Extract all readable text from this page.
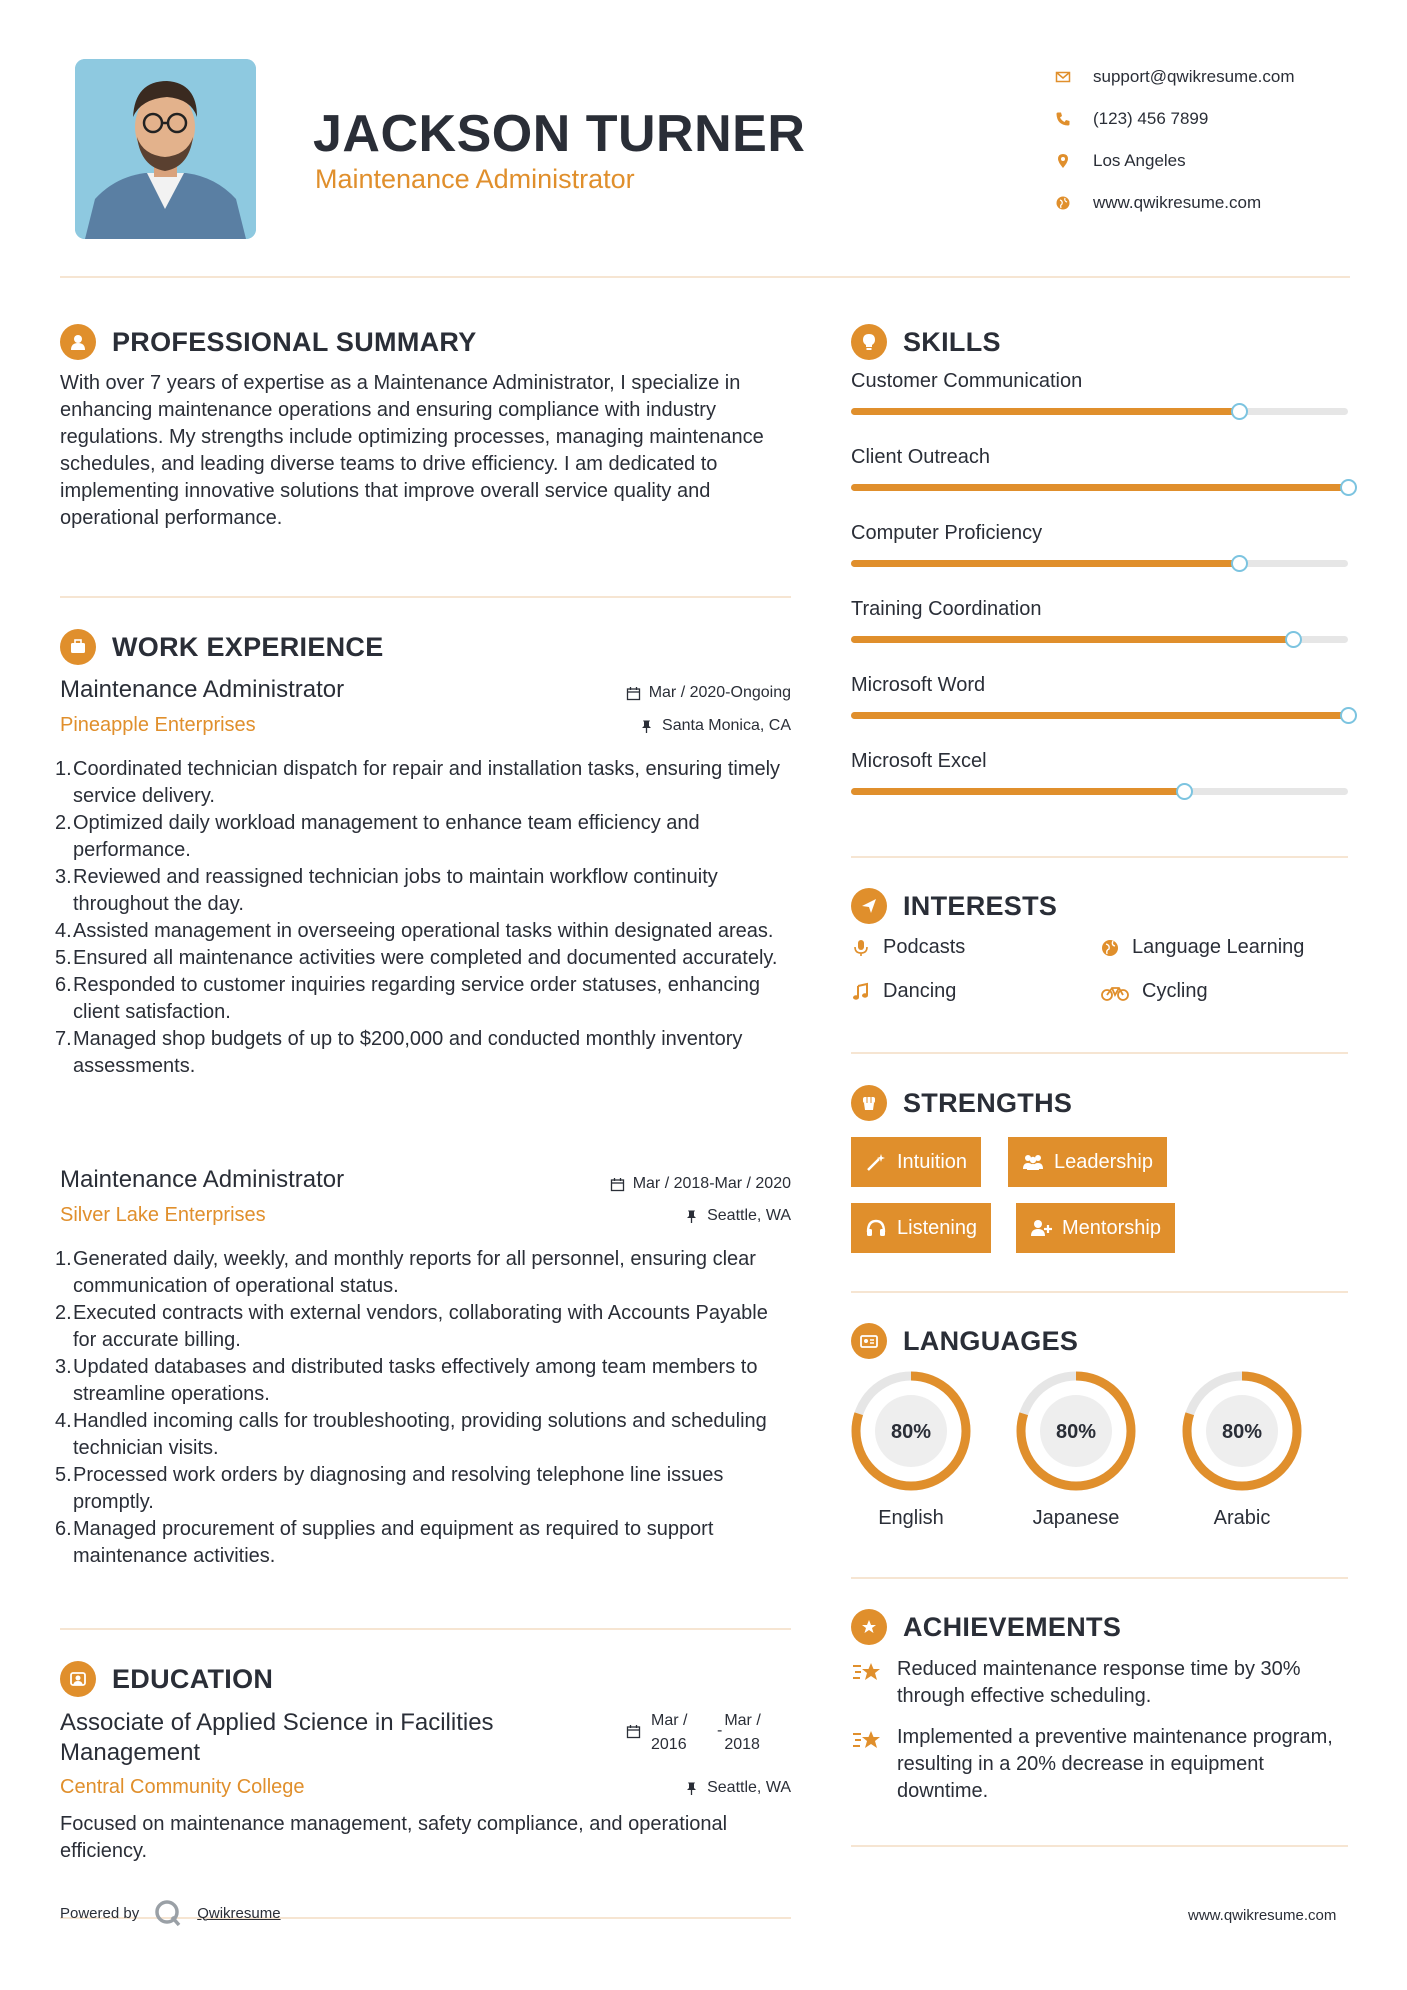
JACKSON TURNER
Maintenance Administrator
support@qwikresume.com
(123) 456 7899
Los Angeles
www.qwikresume.com
PROFESSIONAL SUMMARY
With over 7 years of expertise as a Maintenance Administrator, I specialize in enhancing maintenance operations and ensuring compliance with industry regulations. My strengths include optimizing processes, managing maintenance schedules, and leading diverse teams to drive efficiency. I am dedicated to implementing innovative solutions that improve overall service quality and operational performance.
WORK EXPERIENCE
Maintenance Administrator	Mar / 2020-Ongoing
Pineapple Enterprises	Santa Monica, CA
1. Coordinated technician dispatch for repair and installation tasks, ensuring timely service delivery.
2. Optimized daily workload management to enhance team efficiency and performance.
3. Reviewed and reassigned technician jobs to maintain workflow continuity throughout the day.
4. Assisted management in overseeing operational tasks within designated areas.
5. Ensured all maintenance activities were completed and documented accurately.
6. Responded to customer inquiries regarding service order statuses, enhancing client satisfaction.
7. Managed shop budgets of up to $200,000 and conducted monthly inventory assessments.
Maintenance Administrator	Mar / 2018-Mar / 2020
Silver Lake Enterprises	Seattle, WA
1. Generated daily, weekly, and monthly reports for all personnel, ensuring clear communication of operational status.
2. Executed contracts with external vendors, collaborating with Accounts Payable for accurate billing.
3. Updated databases and distributed tasks effectively among team members to streamline operations.
4. Handled incoming calls for troubleshooting, providing solutions and scheduling technician visits.
5. Processed work orders by diagnosing and resolving telephone line issues promptly.
6. Managed procurement of supplies and equipment as required to support maintenance activities.
EDUCATION
Associate of Applied Science in Facilities Management
Mar / 2016
-
Mar / 2018
Central Community College	Seattle, WA
Focused on maintenance management, safety compliance, and operational efficiency.
SKILLS
Customer Communication
Client Outreach
Computer Proficiency
Training Coordination
Microsoft Word
Microsoft Excel
INTERESTS
Podcasts	Language Learning
Dancing	Cycling
STRENGTHS
Intuition	Leadership
Listening	Mentorship
LANGUAGES
80%
English
80%
Japanese
80%
Arabic
ACHIEVEMENTS
Reduced maintenance response time by 30% through effective scheduling.
Implemented a preventive maintenance program, resulting in a 20% decrease in equipment downtime.
Powered by	Qwikresume	www.qwikresume.com
